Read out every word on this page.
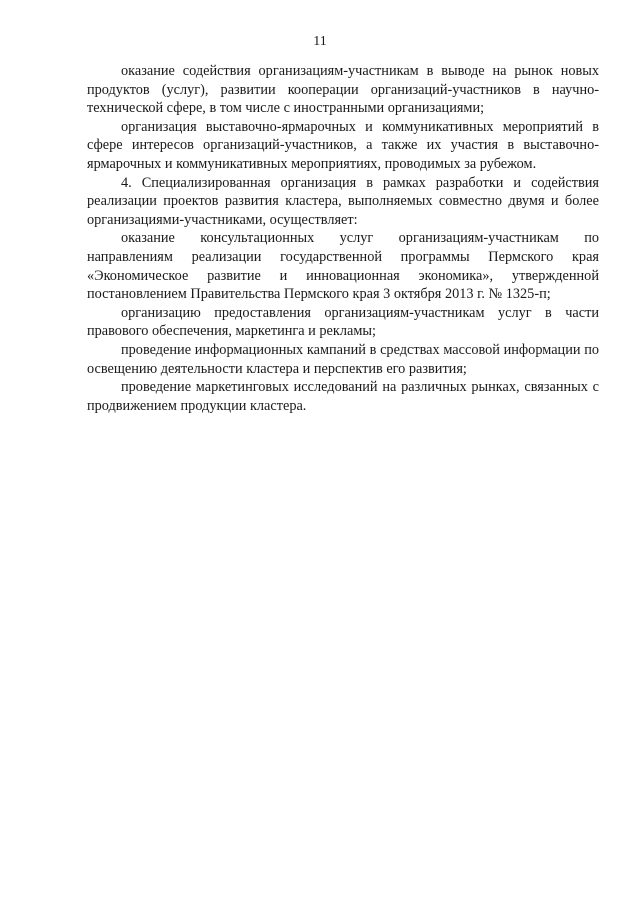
11

оказание содействия организациям-участникам в выводе на рынок новых продуктов (услуг), развитии кооперации организаций-участников в научно-технической сфере, в том числе с иностранными организациями;

организация выставочно-ярмарочных и коммуникативных мероприятий в сфере интересов организаций-участников, а также их участия в выставочно-ярмарочных и коммуникативных мероприятиях, проводимых за рубежом.

4. Специализированная организация в рамках разработки и содействия реализации проектов развития кластера, выполняемых совместно двумя и более организациями-участниками, осуществляет:

оказание консультационных услуг организациям-участникам по направлениям реализации государственной программы Пермского края «Экономическое развитие и инновационная экономика», утвержденной постановлением Правительства Пермского края 3 октября 2013 г. № 1325-п;

организацию предоставления организациям-участникам услуг в части правового обеспечения, маркетинга и рекламы;

проведение информационных кампаний в средствах массовой информации по освещению деятельности кластера и перспектив его развития;

проведение маркетинговых исследований на различных рынках, связанных с продвижением продукции кластера.
